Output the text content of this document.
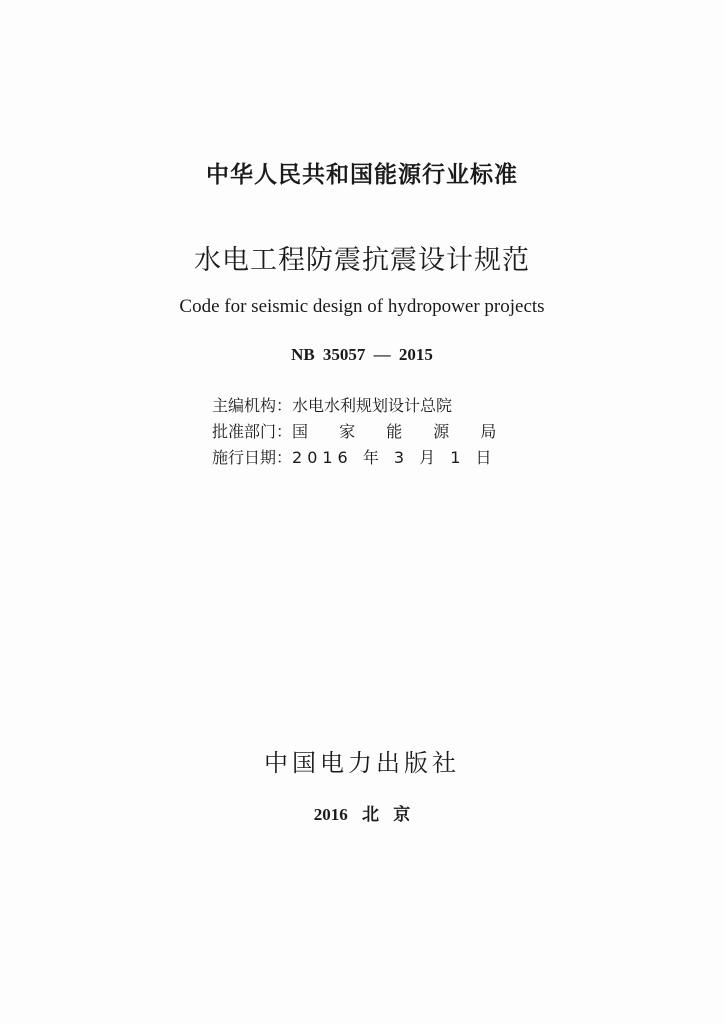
中华人民共和国能源行业标准
水电工程防震抗震设计规范
Code for seismic design of hydropower projects
NB 35057 — 2015
主编机构：水电水利规划设计总院
批准部门：国 家 能 源 局
施行日期：2016 年 3 月 1 日
中国电力出版社
2016 北 京
